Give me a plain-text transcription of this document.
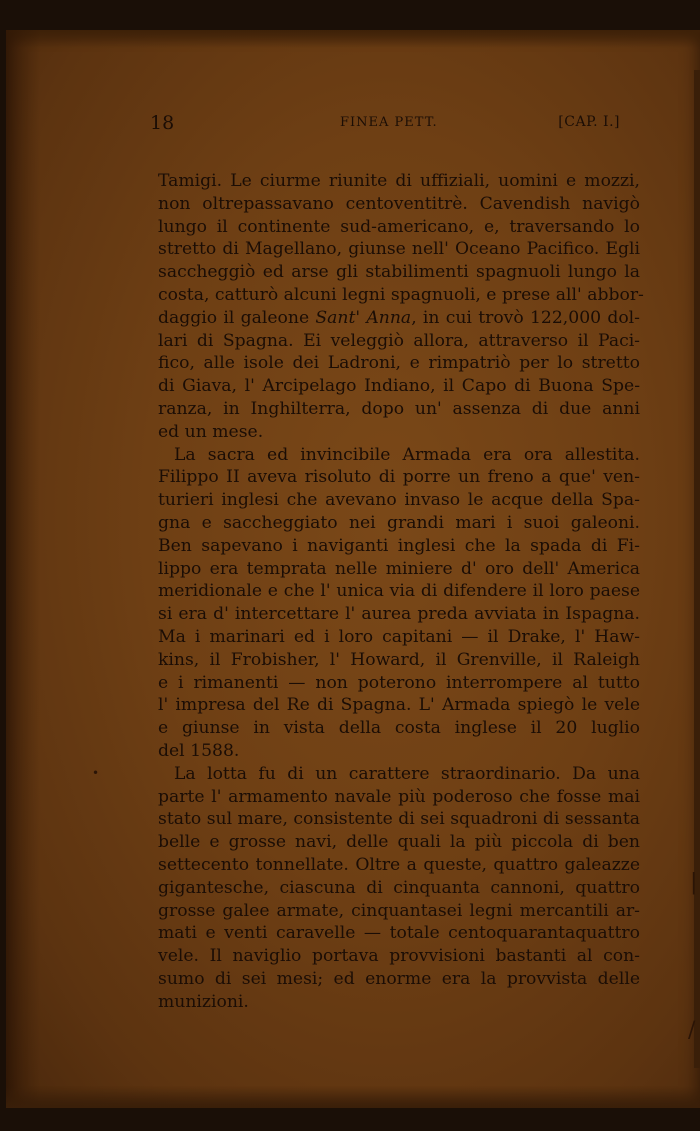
18	FINEA PETT.	[CAP. I.]
Tamigi. Le ciurme riunite di uffiziali, uomini e mozzi,
non oltrepassavano centoventitrè. Cavendish navigò
lungo il continente sud-americano, e, traversando lo
stretto di Magellano, giunse nell' Oceano Pacifico. Egli
saccheggiò ed arse gli stabilimenti spagnuoli lungo la
costa, catturò alcuni legni spagnuoli, e prese all' abbor-
daggio il galeone Sant' Anna, in cui trovò 122,000 dol-
lari di Spagna. Ei veleggiò allora, attraverso il Paci-
fico, alle isole dei Ladroni, e rimpatriò per lo stretto
di Giava, l' Arcipelago Indiano, il Capo di Buona Spe-
ranza, in Inghilterra, dopo un' assenza di due anni
ed un mese.
La sacra ed invincibile Armada era ora allestita.
Filippo II aveva risoluto di porre un freno a que' ven-
turieri inglesi che avevano invaso le acque della Spa-
gna e saccheggiato nei grandi mari i suoi galeoni.
Ben sapevano i naviganti inglesi che la spada di Fi-
lippo era temprata nelle miniere d' oro dell' America
meridionale e che l' unica via di difendere il loro paese
si era d' intercettare l' aurea preda avviata in Ispagna.
Ma i marinari ed i loro capitani — il Drake, l' Haw-
kins, il Frobisher, l' Howard, il Grenville, il Raleigh
e i rimanenti — non poterono interrompere al tutto
l' impresa del Re di Spagna. L' Armada spiegò le vele
e giunse in vista della costa inglese il 20 luglio
del 1588.
La lotta fu di un carattere straordinario. Da una
parte l' armamento navale più poderoso che fosse mai
stato sul mare, consistente di sei squadroni di sessanta
belle e grosse navi, delle quali la più piccola di ben
settecento tonnellate. Oltre a queste, quattro galeazze
gigantesche, ciascuna di cinquanta cannoni, quattro
grosse galee armate, cinquantasei legni mercantili ar-
mati e venti caravelle — totale centoquarantaquattro
vele. Il naviglio portava provvisioni bastanti al con-
sumo di sei mesi; ed enorme era la provvista delle
munizioni.
•
|
/
